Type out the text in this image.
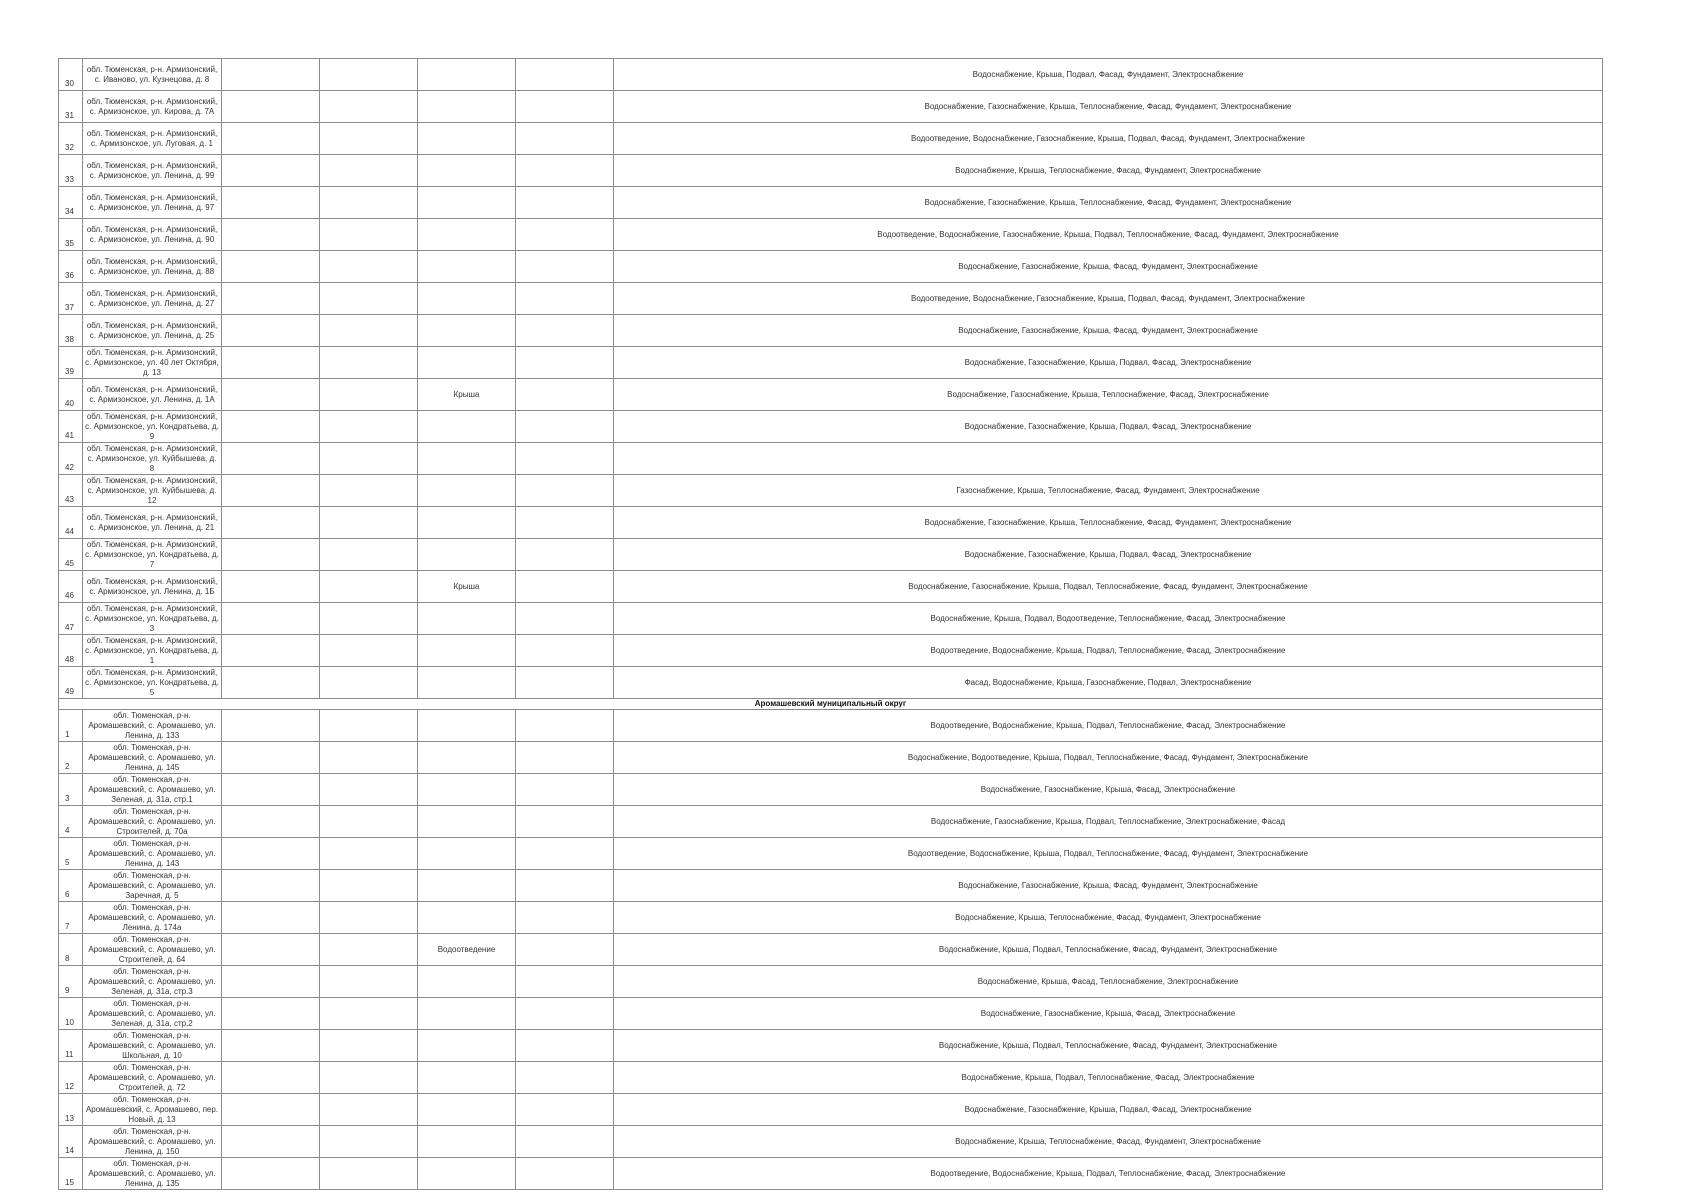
30	обл. Тюменская, р-н. Армизонский, с. Иваново, ул. Кузнецова, д. 8					Водоснабжение, Крыша, Подвал, Фасад, Фундамент, Электроснабжение
31	обл. Тюменская, р-н. Армизонский, с. Армизонское, ул. Кирова, д. 7А					Водоснабжение, Газоснабжение, Крыша, Теплоснабжение, Фасад, Фундамент, Электроснабжение
32	обл. Тюменская, р-н. Армизонский, с. Армизонское, ул. Луговая, д. 1					Водоотведение, Водоснабжение, Газоснабжение, Крыша, Подвал, Фасад, Фундамент, Электроснабжение
33	обл. Тюменская, р-н. Армизонский, с. Армизонское, ул. Ленина, д. 99					Водоснабжение, Крыша, Теплоснабжение, Фасад, Фундамент, Электроснабжение
34	обл. Тюменская, р-н. Армизонский, с. Армизонское, ул. Ленина, д. 97					Водоснабжение, Газоснабжение, Крыша, Теплоснабжение, Фасад, Фундамент, Электроснабжение
35	обл. Тюменская, р-н. Армизонский, с. Армизонское, ул. Ленина, д. 90					Водоотведение, Водоснабжение, Газоснабжение, Крыша, Подвал, Теплоснабжение, Фасад, Фундамент, Электроснабжение
36	обл. Тюменская, р-н. Армизонский, с. Армизонское, ул. Ленина, д. 88					Водоснабжение, Газоснабжение, Крыша, Фасад, Фундамент, Электроснабжение
37	обл. Тюменская, р-н. Армизонский, с. Армизонское, ул. Ленина, д. 27					Водоотведение, Водоснабжение, Газоснабжение, Крыша, Подвал, Фасад, Фундамент, Электроснабжение
38	обл. Тюменская, р-н. Армизонский, с. Армизонское, ул. Ленина, д. 25					Водоснабжение, Газоснабжение, Крыша, Фасад, Фундамент, Электроснабжение
39	обл. Тюменская, р-н. Армизонский, с. Армизонское, ул. 40 лет Октября, д. 13					Водоснабжение, Газоснабжение, Крыша, Подвал, Фасад, Электроснабжение
40	обл. Тюменская, р-н. Армизонский, с. Армизонское, ул. Ленина, д. 1А			Крыша		Водоснабжение, Газоснабжение, Крыша, Теплоснабжение, Фасад, Электроснабжение
41	обл. Тюменская, р-н. Армизонский, с. Армизонское, ул. Кондратьева, д. 9					Водоснабжение, Газоснабжение, Крыша, Подвал, Фасад, Электроснабжение
42	обл. Тюменская, р-н. Армизонский, с. Армизонское, ул. Куйбышева, д. 8					
43	обл. Тюменская, р-н. Армизонский, с. Армизонское, ул. Куйбышева, д. 12					Газоснабжение, Крыша, Теплоснабжение, Фасад, Фундамент, Электроснабжение
44	обл. Тюменская, р-н. Армизонский, с. Армизонское, ул. Ленина, д. 21					Водоснабжение, Газоснабжение, Крыша, Теплоснабжение, Фасад, Фундамент, Электроснабжение
45	обл. Тюменская, р-н. Армизонский, с. Армизонское, ул. Кондратьева, д. 7					Водоснабжение, Газоснабжение, Крыша, Подвал, Фасад, Электроснабжение
46	обл. Тюменская, р-н. Армизонский, с. Армизонское, ул. Ленина, д. 1Б			Крыша		Водоснабжение, Газоснабжение, Крыша, Подвал, Теплоснабжение, Фасад, Фундамент, Электроснабжение
47	обл. Тюменская, р-н. Армизонский, с. Армизонское, ул. Кондратьева, д. 3					Водоснабжение, Крыша, Подвал, Водоотведение, Теплоснабжение, Фасад, Электроснабжение
48	обл. Тюменская, р-н. Армизонский, с. Армизонское, ул. Кондратьева, д. 1					Водоотведение, Водоснабжение, Крыша, Подвал, Теплоснабжение, Фасад, Электроснабжение
49	обл. Тюменская, р-н. Армизонский, с. Армизонское, ул. Кондратьева, д. 5					Фасад, Водоснабжение, Крыша, Газоснабжение, Подвал, Электроснабжение
Аромашевский муниципальный округ						
1	обл. Тюменская, р-н. Аромашевский, с. Аромашево, ул. Ленина, д. 133					Водоотведение, Водоснабжение, Крыша, Подвал, Теплоснабжение, Фасад, Электроснабжение
2	обл. Тюменская, р-н. Аромашевский, с. Аромашево, ул. Ленина, д. 145					Водоснабжение, Водоотведение, Крыша, Подвал, Теплоснабжение, Фасад, Фундамент, Электроснабжение
3	обл. Тюменская, р-н. Аромашевский, с. Аромашево, ул. Зеленая, д. 31а, стр.1					Водоснабжение, Газоснабжение, Крыша, Фасад, Электроснабжение
4	обл. Тюменская, р-н. Аромашевский, с. Аромашево, ул. Строителей, д. 70а					Водоснабжение, Газоснабжение, Крыша, Подвал, Теплоснабжение, Электроснабжение, Фасад
5	обл. Тюменская, р-н. Аромашевский, с. Аромашево, ул. Ленина, д. 143					Водоотведение, Водоснабжение, Крыша, Подвал, Теплоснабжение, Фасад, Фундамент, Электроснабжение
6	обл. Тюменская, р-н. Аромашевский, с. Аромашево, ул. Заречная, д. 5					Водоснабжение, Газоснабжение, Крыша, Фасад, Фундамент, Электроснабжение
7	обл. Тюменская, р-н. Аромашевский, с. Аромашево, ул. Ленина, д. 174а					Водоснабжение, Крыша, Теплоснабжение, Фасад, Фундамент, Электроснабжение
8	обл. Тюменская, р-н. Аромашевский, с. Аромашево, ул. Строителей, д. 64			Водоотведение		Водоснабжение, Крыша, Подвал, Теплоснабжение, Фасад, Фундамент, Электроснабжение
9	обл. Тюменская, р-н. Аромашевский, с. Аромашево, ул. Зеленая, д. 31а, стр.3					Водоснабжение, Крыша, Фасад, Теплоснабжение, Электроснабжение
10	обл. Тюменская, р-н. Аромашевский, с. Аромашево, ул. Зеленая, д. 31а, стр.2					Водоснабжение, Газоснабжение, Крыша, Фасад, Электроснабжение
11	обл. Тюменская, р-н. Аромашевский, с. Аромашево, ул. Школьная, д. 10					Водоснабжение, Крыша, Подвал, Теплоснабжение, Фасад, Фундамент, Электроснабжение
12	обл. Тюменская, р-н. Аромашевский, с. Аромашево, ул. Строителей, д. 72					Водоснабжение, Крыша, Подвал, Теплоснабжение, Фасад, Электроснабжение
13	обл. Тюменская, р-н. Аромашевский, с. Аромашево, пер. Новый, д. 13					Водоснабжение, Газоснабжение, Крыша, Подвал, Фасад, Электроснабжение
14	обл. Тюменская, р-н. Аромашевский, с. Аромашево, ул. Ленина, д. 150					Водоснабжение, Крыша, Теплоснабжение, Фасад, Фундамент, Электроснабжение
15	обл. Тюменская, р-н. Аромашевский, с. Аромашево, ул. Ленина, д. 135					Водоотведение, Водоснабжение, Крыша, Подвал, Теплоснабжение, Фасад, Электроснабжение
